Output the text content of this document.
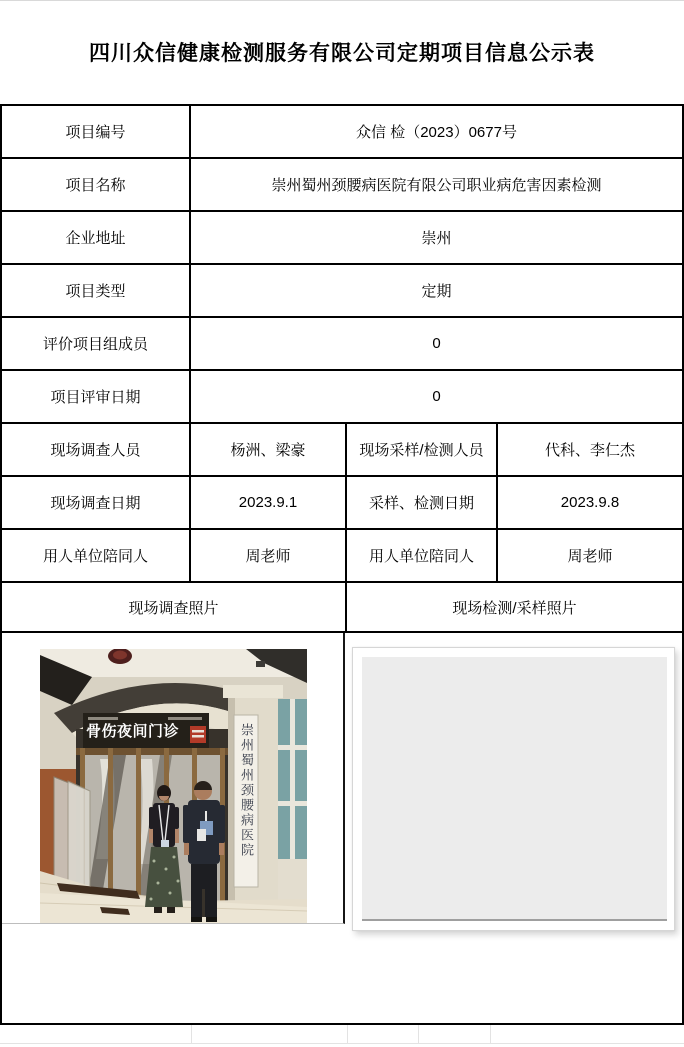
四川众信健康检测服务有限公司定期项目信息公示表
项目编号	众信 检（2023）0677号
项目名称	崇州蜀州颈腰病医院有限公司职业病危害因素检测
企业地址	崇州
项目类型	定期
评价项目组成员	0
项目评审日期	0
现场调查人员	杨洲、梁豪	现场采样/检测人员	代科、李仁杰
现场调查日期	2023.9.1	采样、检测日期	2023.9.8
用人单位陪同人	周老师	用人单位陪同人	周老师
现场调查照片	现场检测/采样照片
骨伤夜间门诊	崇州蜀州颈腰病医院
